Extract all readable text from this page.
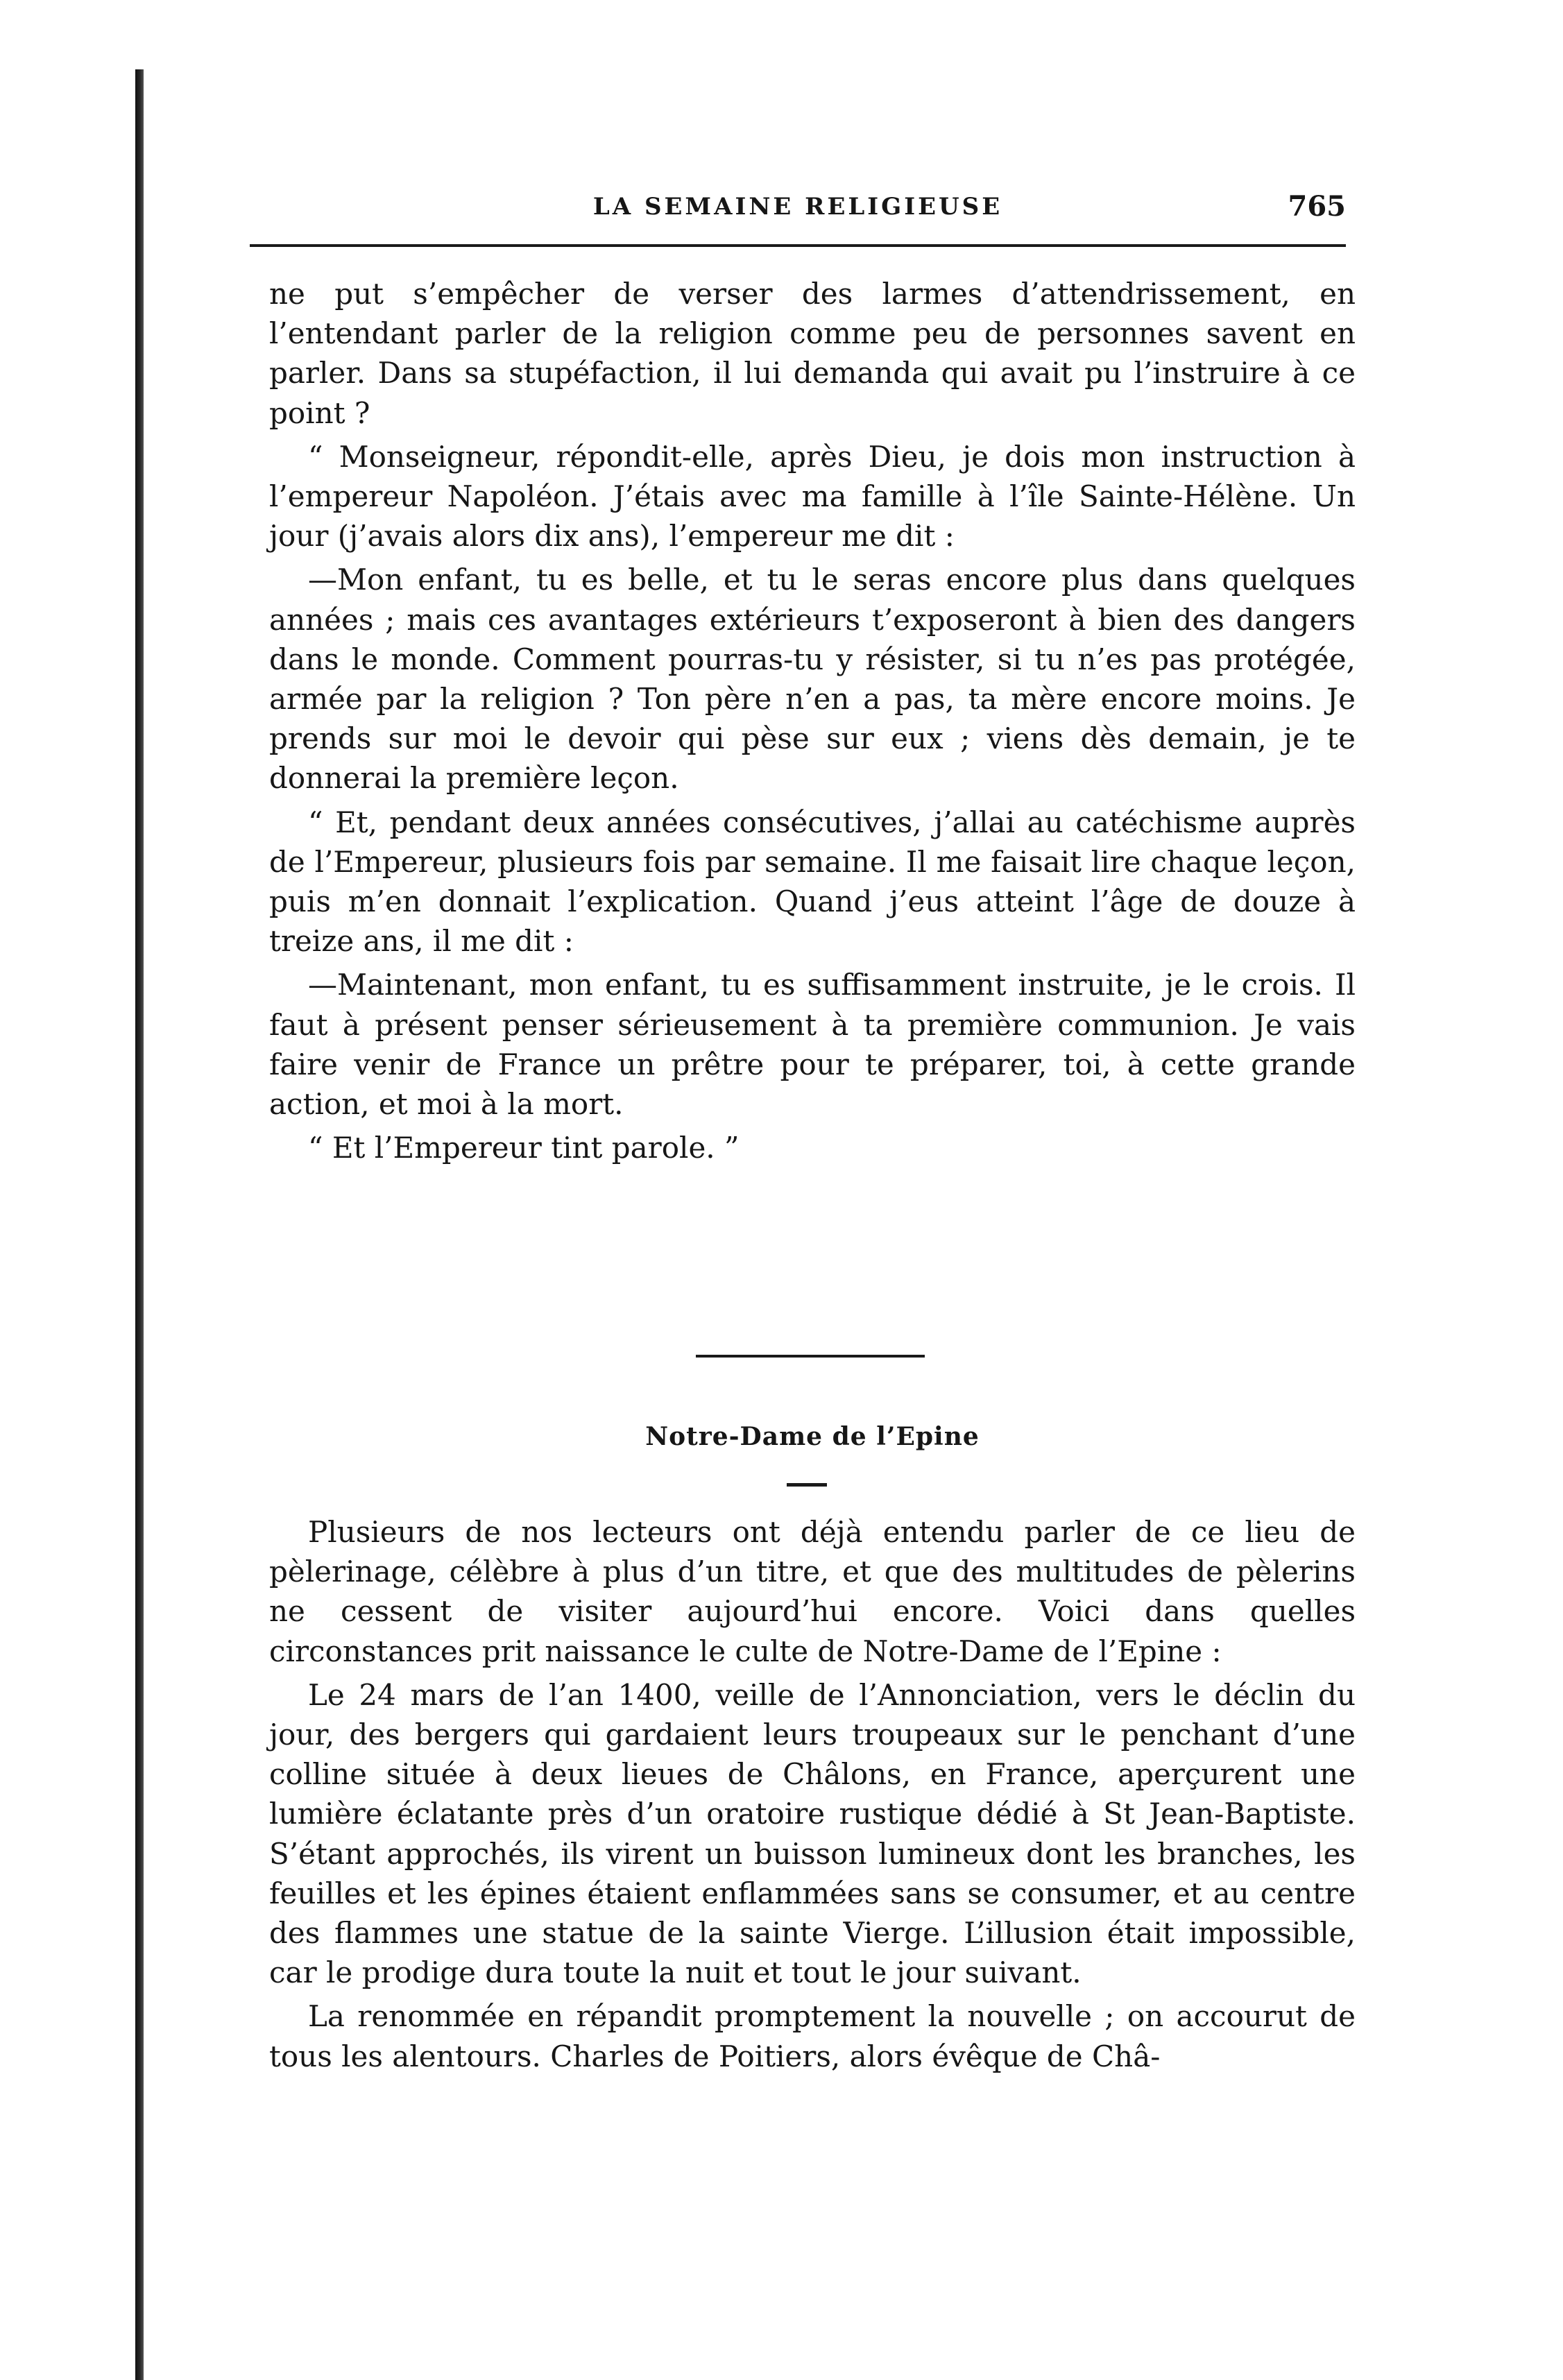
LA SEMAINE RELIGIEUSE	765

ne put s’empêcher de verser des larmes d’attendrissement, en l’entendant parler de la religion comme peu de personnes savent en parler. Dans sa stupéfaction, il lui demanda qui avait pu l’instruire à ce point ?

“ Monseigneur, répondit-elle, après Dieu, je dois mon instruction à l’empereur Napoléon. J’étais avec ma famille à l’île Sainte-Hélène. Un jour (j’avais alors dix ans), l’empereur me dit :

—Mon enfant, tu es belle, et tu le seras encore plus dans quelques années ; mais ces avantages extérieurs t’exposeront à bien des dangers dans le monde. Comment pourras-tu y résister, si tu n’es pas protégée, armée par la religion ? Ton père n’en a pas, ta mère encore moins. Je prends sur moi le devoir qui pèse sur eux ; viens dès demain, je te donnerai la première leçon.

“ Et, pendant deux années consécutives, j’allai au catéchisme auprès de l’Empereur, plusieurs fois par semaine. Il me faisait lire chaque leçon, puis m’en donnait l’explication. Quand j’eus atteint l’âge de douze à treize ans, il me dit :

—Maintenant, mon enfant, tu es suffisamment instruite, je le crois. Il faut à présent penser sérieusement à ta première communion. Je vais faire venir de France un prêtre pour te préparer, toi, à cette grande action, et moi à la mort.

“ Et l’Empereur tint parole. ”

Notre-Dame de l’Epine

Plusieurs de nos lecteurs ont déjà entendu parler de ce lieu de pèlerinage, célèbre à plus d’un titre, et que des multitudes de pèlerins ne cessent de visiter aujourd’hui encore. Voici dans quelles circonstances prit naissance le culte de Notre-Dame de l’Epine :

Le 24 mars de l’an 1400, veille de l’Annonciation, vers le déclin du jour, des bergers qui gardaient leurs troupeaux sur le penchant d’une colline située à deux lieues de Châlons, en France, aperçurent une lumière éclatante près d’un oratoire rustique dédié à St Jean-Baptiste. S’étant approchés, ils virent un buisson lumineux dont les branches, les feuilles et les épines étaient enflammées sans se consumer, et au centre des flammes une statue de la sainte Vierge. L’illusion était impossible, car le prodige dura toute la nuit et tout le jour suivant.

La renommée en répandit promptement la nouvelle ; on accourut de tous les alentours. Charles de Poitiers, alors évêque de Châ-
